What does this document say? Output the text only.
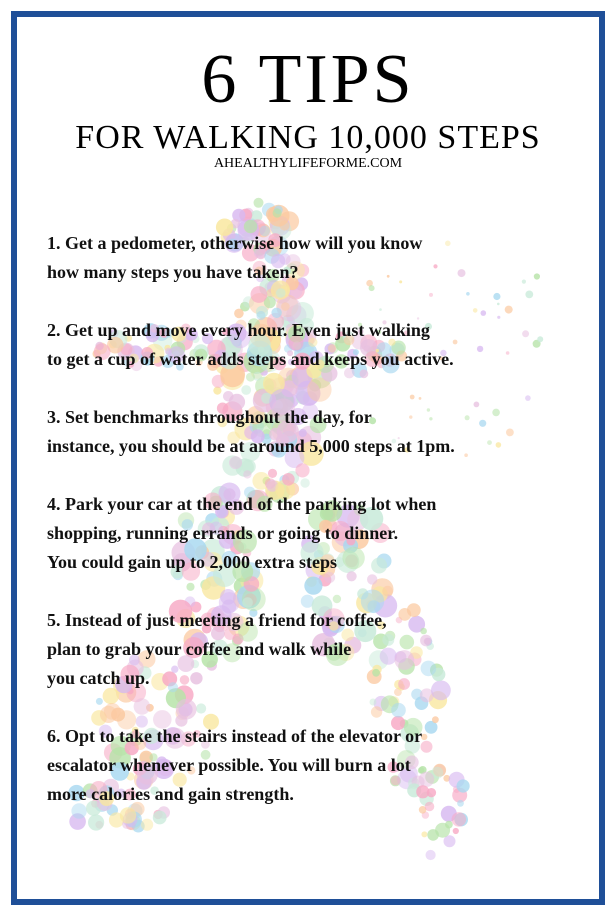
6 TIPS
FOR WALKING 10,000 STEPS
AHEALTHYLIFEFORME.COM
1. Get a pedometer, otherwise how will you know
how many steps you have taken?
2. Get up and move every hour. Even just walking
to get a cup of water adds steps and keeps you active.
3. Set benchmarks throughout the day, for
instance, you should be at around 5,000 steps at 1pm.
4. Park your car at the end of the parking lot when
shopping, running errands or going to dinner.
You could gain up to 2,000 extra steps
5. Instead of just meeting a friend for coffee,
plan to grab your coffee and walk while
you catch up.
6. Opt to take the stairs instead of the elevator or
escalator whenever possible. You will burn a lot
more calories and gain strength.
